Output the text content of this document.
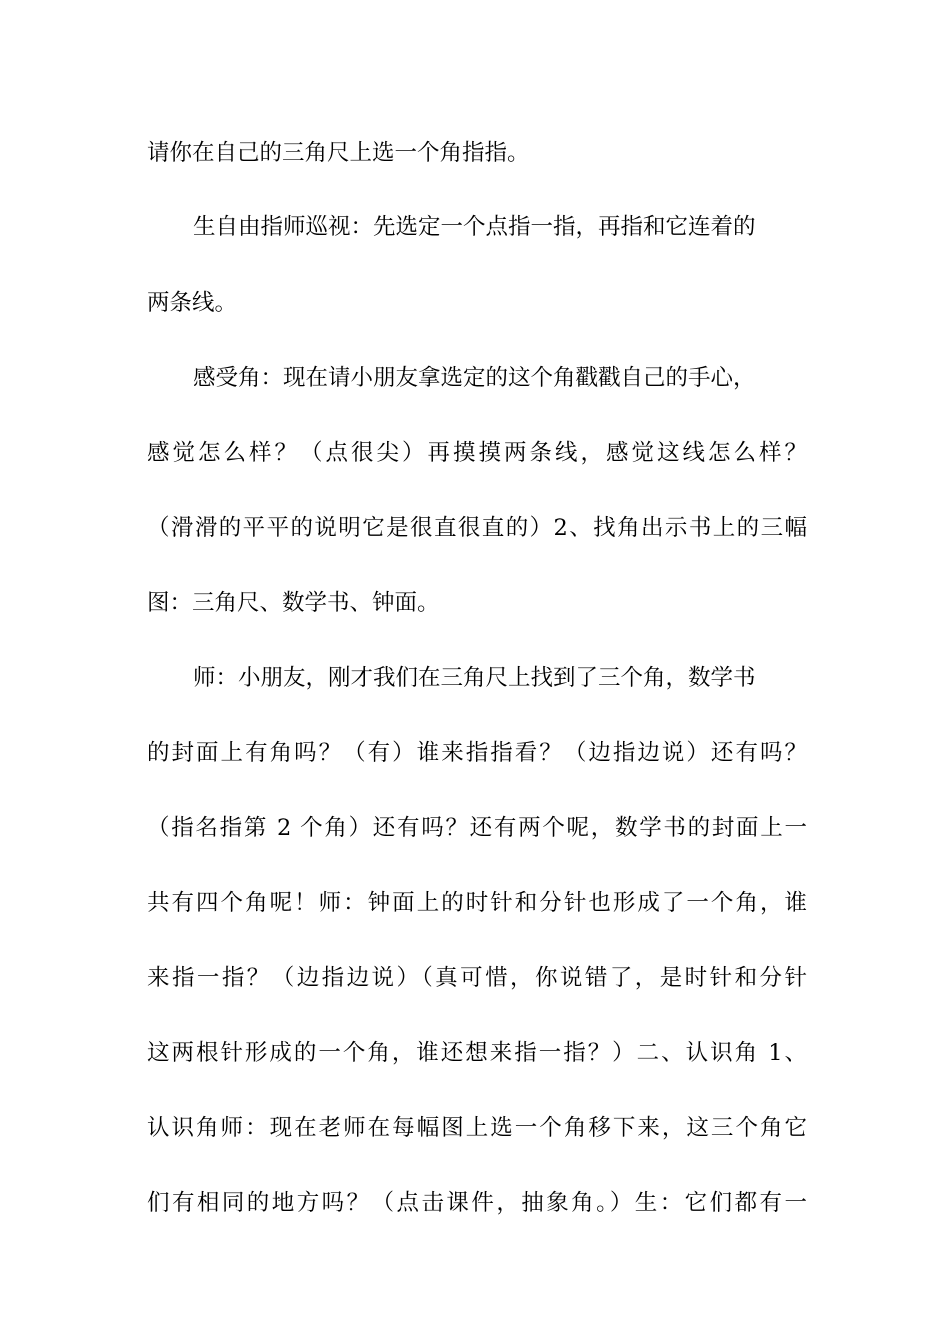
请你在自己的三角尺上选一个角指指。
生自由指师巡视：先选定一个点指一指，再指和它连着的
两条线。
感受角：现在请小朋友拿选定的这个角戳戳自己的手心，
感觉怎么样？（点很尖）再摸摸两条线，感觉这线怎么样？
（滑滑的平平的说明它是很直很直的）2、找角出示书上的三幅
图：三角尺、数学书、钟面。
师：小朋友，刚才我们在三角尺上找到了三个角，数学书
的封面上有角吗？（有）谁来指指看？（边指边说）还有吗？
（指名指第 2 个角）还有吗？还有两个呢，数学书的封面上一
共有四个角呢！师：钟面上的时针和分针也形成了一个角，谁
来指一指？（边指边说）（真可惜，你说错了，是时针和分针
这两根针形成的一个角，谁还想来指一指？）二、认识角 1、
认识角师：现在老师在每幅图上选一个角移下来，这三个角它
们有相同的地方吗？（点击课件，抽象角。）生：它们都有一
